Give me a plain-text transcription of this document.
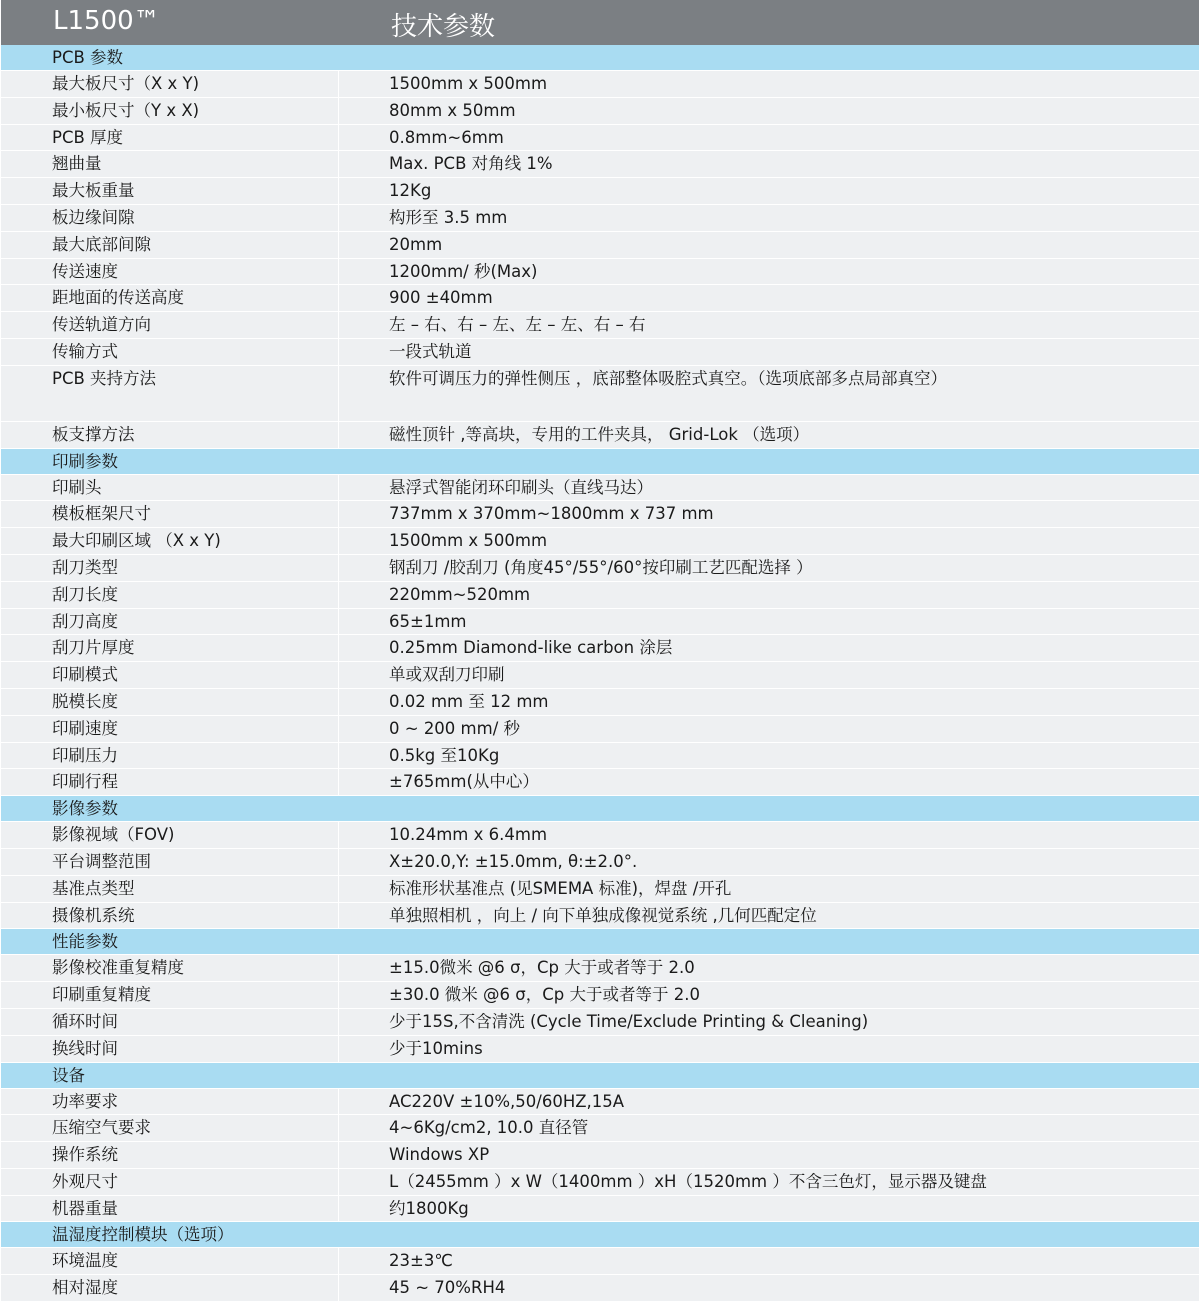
L1500™	技术参数
PCB 参数
最大板尺寸（X x Y)	1500mm x 500mm
最小板尺寸（Y x X)	80mm x 50mm
PCB 厚度	0.8mm~6mm
翘曲量	Max. PCB 对角线 1%
最大板重量	12Kg
板边缘间隙	构形至 3.5 mm
最大底部间隙	20mm
传送速度	1200mm/ 秒(Max)
距地面的传送高度	900 ±40mm
传送轨道方向	左 – 右、右 – 左、左 – 左、右 – 右
传输方式	一段式轨道
PCB 夹持方法	软件可调压力的弹性侧压 ，底部整体吸腔式真空。（选项底部多点局部真空）
板支撑方法	磁性顶针 ,等高块，专用的工件夹具， Grid-Lok （选项）
印刷参数
印刷头	悬浮式智能闭环印刷头（直线马达）
模板框架尺寸	737mm x 370mm~1800mm x 737 mm
最大印刷区域 （X x Y)	1500mm x 500mm
刮刀类型	钢刮刀 /胶刮刀 (角度45°/55°/60°按印刷工艺匹配选择 ）
刮刀长度	220mm~520mm
刮刀高度	65±1mm
刮刀片厚度	0.25mm Diamond-like carbon 涂层
印刷模式	单或双刮刀印刷
脱模长度	0.02 mm 至 12 mm
印刷速度	0 ~ 200 mm/ 秒
印刷压力	0.5kg 至10Kg
印刷行程	±765mm(从中心）
影像参数
影像视域（FOV)	10.24mm x 6.4mm
平台调整范围	X±20.0,Y: ±15.0mm, θ:±2.0°.
基准点类型	标准形状基准点 (见SMEMA 标准)，焊盘 /开孔
摄像机系统	单独照相机 ，向上 / 向下单独成像视觉系统 ,几何匹配定位
性能参数
影像校准重复精度	±15.0微米 @6 σ，Cp 大于或者等于 2.0
印刷重复精度	±30.0 微米 @6 σ，Cp 大于或者等于 2.0
循环时间	少于15S,不含清洗 (Cycle Time/Exclude Printing & Cleaning)
换线时间	少于10mins
设备
功率要求	AC220V ±10%,50/60HZ,15A
压缩空气要求	4~6Kg/cm2, 10.0 直径管
操作系统	Windows XP
外观尺寸	L（2455mm ）x W（1400mm ）xH（1520mm ）不含三色灯，显示器及键盘
机器重量	约1800Kg
温湿度控制模块（选项）
环境温度	23±3℃
相对湿度	45 ~ 70%RH4
